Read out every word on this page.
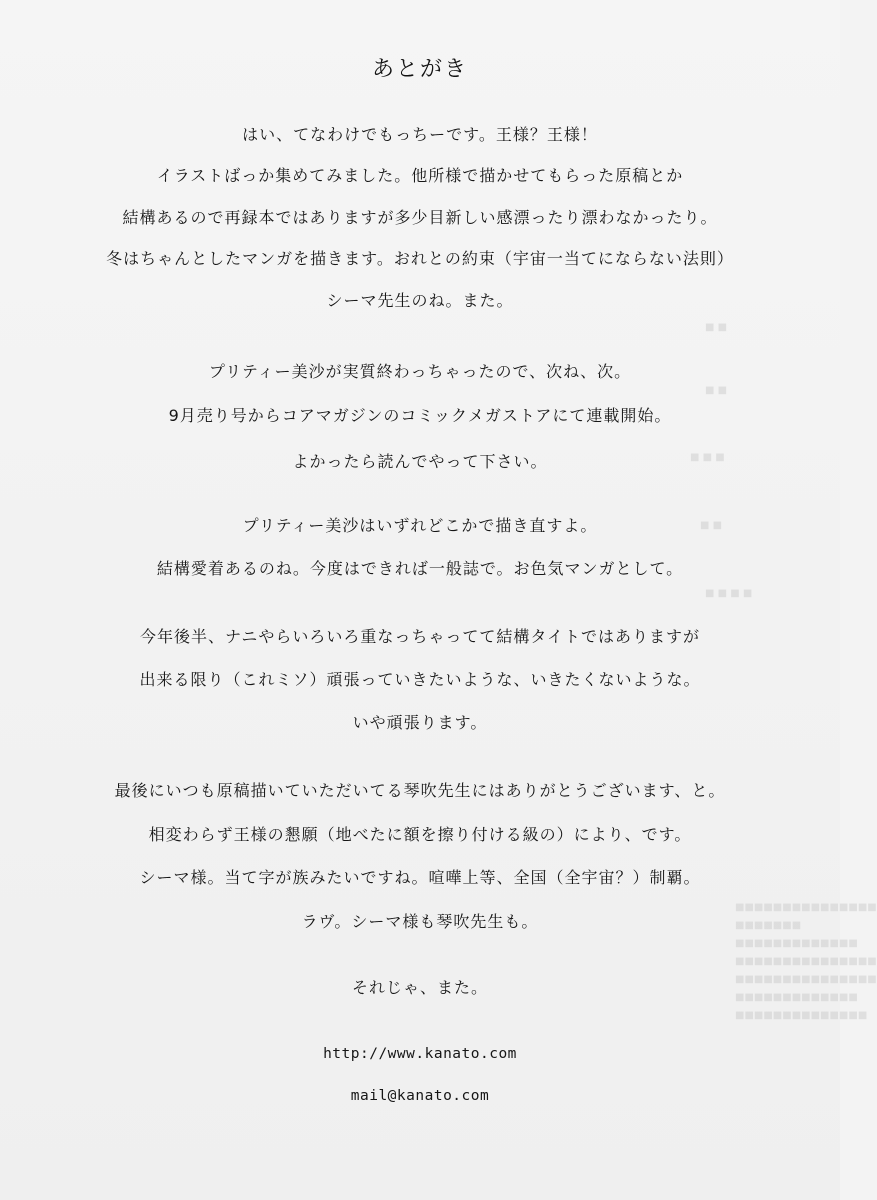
■ ■　　　　　
■ ■
■ ■ ■
■ ■
■ ■ ■ ■
■■■■■■■■■■■■■■■
■■■■■■■
■■■■■■■■■■■■■
■■■■■■■■■■■■■■■
■■■■■■■■■■■■■■■
■■■■■■■■■■■■■
■■■■■■■■■■■■■■
あとがき
はい、てなわけでもっちーです。王様？王様！
イラストばっか集めてみました。他所様で描かせてもらった原稿とか
結構あるので再録本ではありますが多少目新しい感漂ったり漂わなかったり。
冬はちゃんとしたマンガを描きます。おれとの約束（宇宙一当てにならない法則）
シーマ先生のね。また。
プリティー美沙が実質終わっちゃったので、次ね、次。
9月売り号からコアマガジンのコミックメガストアにて連載開始。
よかったら読んでやって下さい。
プリティー美沙はいずれどこかで描き直すよ。
結構愛着あるのね。今度はできれば一般誌で。お色気マンガとして。
今年後半、ナニやらいろいろ重なっちゃってて結構タイトではありますが
出来る限り（これミソ）頑張っていきたいような、いきたくないような。
いや頑張ります。
最後にいつも原稿描いていただいてる琴吹先生にはありがとうございます、と。
相変わらず王様の懇願（地べたに額を擦り付ける級の）により、です。
シーマ様。当て字が族みたいですね。喧嘩上等、全国（全宇宙？）制覇。
ラヴ。シーマ様も琴吹先生も。
それじゃ、また。
http://www.kanato.com
mail@kanato.com
